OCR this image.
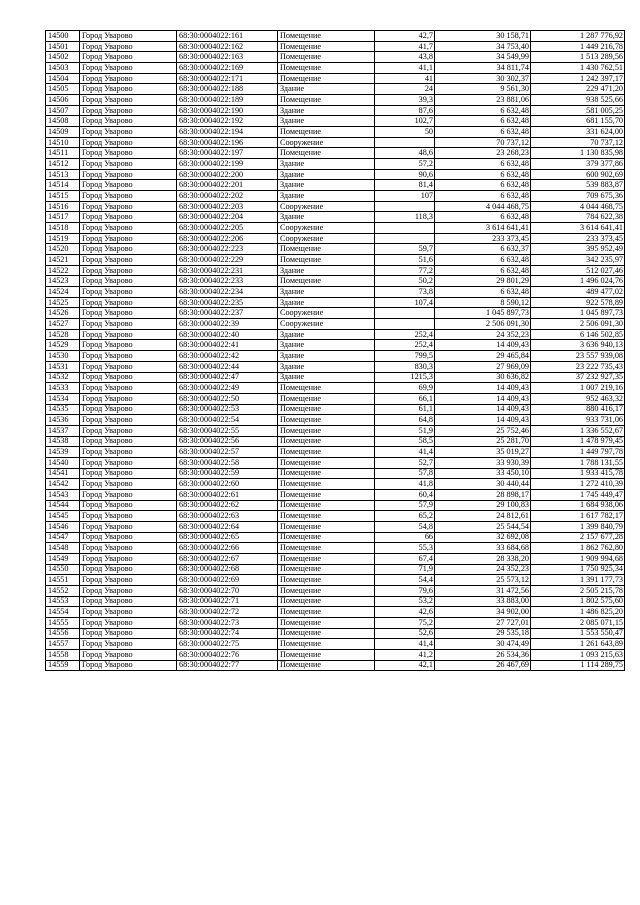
14500	Город Уварово	68:30:0004022:161	Помещение	42,7	30 158,71	1 287 776,92
14501	Город Уварово	68:30:0004022:162	Помещение	41,7	34 753,40	1 449 216,78
14502	Город Уварово	68:30:0004022:163	Помещение	43,8	34 549,99	1 513 289,56
14503	Город Уварово	68:30:0004022:169	Помещение	41,1	34 811,74	1 430 762,51
14504	Город Уварово	68:30:0004022:171	Помещение	41	30 302,37	1 242 397,17
14505	Город Уварово	68:30:0004022:188	Здание	24	9 561,30	229 471,20
14506	Город Уварово	68:30:0004022:189	Помещение	39,3	23 881,06	938 525,66
14507	Город Уварово	68:30:0004022:190	Здание	87,6	6 632,48	581 005,25
14508	Город Уварово	68:30:0004022:192	Здание	102,7	6 632,48	681 155,70
14509	Город Уварово	68:30:0004022:194	Помещение	50	6 632,48	331 624,00
14510	Город Уварово	68:30:0004022:196	Сооружение		70 737,12	70 737,12
14511	Город Уварово	68:30:0004022:197	Помещение	48,6	23 268,23	1 130 835,98
14512	Город Уварово	68:30:0004022:199	Здание	57,2	6 632,48	379 377,86
14513	Город Уварово	68:30:0004022:200	Здание	90,6	6 632,48	600 902,69
14514	Город Уварово	68:30:0004022:201	Здание	81,4	6 632,48	539 883,87
14515	Город Уварово	68:30:0004022:202	Здание	107	6 632,48	709 675,36
14516	Город Уварово	68:30:0004022:203	Сооружение		4 044 468,75	4 044 468,75
14517	Город Уварово	68:30:0004022:204	Здание	118,3	6 632,48	784 622,38
14518	Город Уварово	68:30:0004022:205	Сооружение		3 614 641,41	3 614 641,41
14519	Город Уварово	68:30:0004022:206	Сооружение		233 373,45	233 373,45
14520	Город Уварово	68:30:0004022:223	Помещение	59,7	6 632,37	395 952,49
14521	Город Уварово	68:30:0004022:229	Помещение	51,6	6 632,48	342 235,97
14522	Город Уварово	68:30:0004022:231	Здание	77,2	6 632,48	512 027,46
14523	Город Уварово	68:30:0004022:233	Помещение	50,2	29 801,29	1 496 024,76
14524	Город Уварово	68:30:0004022:234	Здание	73,8	6 632,48	489 477,02
14525	Город Уварово	68:30:0004022:235	Здание	107,4	8 590,12	922 578,89
14526	Город Уварово	68:30:0004022:237	Сооружение		1 045 897,73	1 045 897,73
14527	Город Уварово	68:30:0004022:39	Сооружение		2 506 091,30	2 506 091,30
14528	Город Уварово	68:30:0004022:40	Здание	252,4	24 352,23	6 146 502,85
14529	Город Уварово	68:30:0004022:41	Здание	252,4	14 409,43	3 636 940,13
14530	Город Уварово	68:30:0004022:42	Здание	799,5	29 465,84	23 557 939,08
14531	Город Уварово	68:30:0004022:44	Здание	830,3	27 969,09	23 222 735,43
14532	Город Уварово	68:30:0004022:47	Здание	1215,3	30 636,82	37 232 927,35
14533	Город Уварово	68:30:0004022:49	Помещение	69,9	14 409,43	1 007 219,16
14534	Город Уварово	68:30:0004022:50	Помещение	66,1	14 409,43	952 463,32
14535	Город Уварово	68:30:0004022:53	Помещение	61,1	14 409,43	880 416,17
14536	Город Уварово	68:30:0004022:54	Помещение	64,8	14 409,43	933 731,06
14537	Город Уварово	68:30:0004022:55	Помещение	51,9	25 752,46	1 336 552,67
14538	Город Уварово	68:30:0004022:56	Помещение	58,5	25 281,70	1 478 979,45
14539	Город Уварово	68:30:0004022:57	Помещение	41,4	35 019,27	1 449 797,78
14540	Город Уварово	68:30:0004022:58	Помещение	52,7	33 930,39	1 788 131,55
14541	Город Уварово	68:30:0004022:59	Помещение	57,8	33 450,10	1 933 415,78
14542	Город Уварово	68:30:0004022:60	Помещение	41,8	30 440,44	1 272 410,39
14543	Город Уварово	68:30:0004022:61	Помещение	60,4	28 898,17	1 745 449,47
14544	Город Уварово	68:30:0004022:62	Помещение	57,9	29 100,83	1 684 938,06
14545	Город Уварово	68:30:0004022:63	Помещение	65,2	24 812,61	1 617 782,17
14546	Город Уварово	68:30:0004022:64	Помещение	54,8	25 544,54	1 399 840,79
14547	Город Уварово	68:30:0004022:65	Помещение	66	32 692,08	2 157 677,28
14548	Город Уварово	68:30:0004022:66	Помещение	55,3	33 684,68	1 862 762,80
14549	Город Уварово	68:30:0004022:67	Помещение	67,4	28 338,20	1 909 994,68
14550	Город Уварово	68:30:0004022:68	Помещение	71,9	24 352,23	1 750 925,34
14551	Город Уварово	68:30:0004022:69	Помещение	54,4	25 573,12	1 391 177,73
14552	Город Уварово	68:30:0004022:70	Помещение	79,6	31 472,56	2 505 215,78
14553	Город Уварово	68:30:0004022:71	Помещение	53,2	33 883,00	1 802 575,60
14554	Город Уварово	68:30:0004022:72	Помещение	42,6	34 902,00	1 486 825,20
14555	Город Уварово	68:30:0004022:73	Помещение	75,2	27 727,01	2 085 071,15
14556	Город Уварово	68:30:0004022:74	Помещение	52,6	29 535,18	1 553 550,47
14557	Город Уварово	68:30:0004022:75	Помещение	41,4	30 474,49	1 261 643,89
14558	Город Уварово	68:30:0004022:76	Помещение	41,2	26 534,36	1 093 215,63
14559	Город Уварово	68:30:0004022:77	Помещение	42,1	26 467,69	1 114 289,75
